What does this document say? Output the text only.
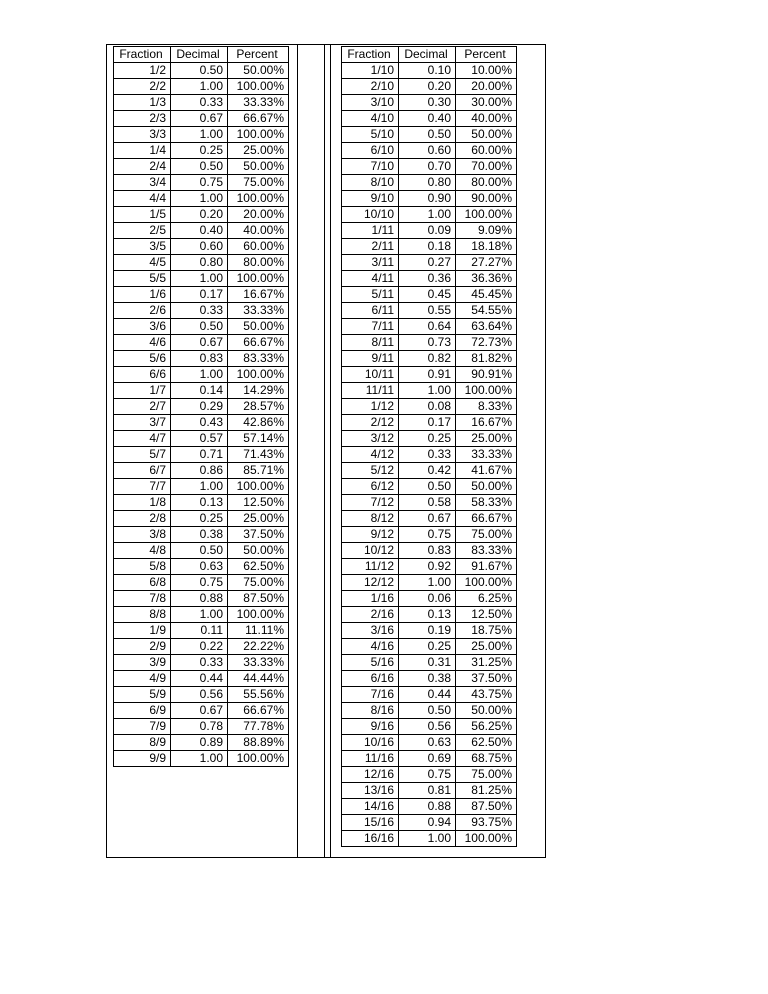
Fraction	Decimal	Percent
1/2	0.50	50.00%
2/2	1.00	100.00%
1/3	0.33	33.33%
2/3	0.67	66.67%
3/3	1.00	100.00%
1/4	0.25	25.00%
2/4	0.50	50.00%
3/4	0.75	75.00%
4/4	1.00	100.00%
1/5	0.20	20.00%
2/5	0.40	40.00%
3/5	0.60	60.00%
4/5	0.80	80.00%
5/5	1.00	100.00%
1/6	0.17	16.67%
2/6	0.33	33.33%
3/6	0.50	50.00%
4/6	0.67	66.67%
5/6	0.83	83.33%
6/6	1.00	100.00%
1/7	0.14	14.29%
2/7	0.29	28.57%
3/7	0.43	42.86%
4/7	0.57	57.14%
5/7	0.71	71.43%
6/7	0.86	85.71%
7/7	1.00	100.00%
1/8	0.13	12.50%
2/8	0.25	25.00%
3/8	0.38	37.50%
4/8	0.50	50.00%
5/8	0.63	62.50%
6/8	0.75	75.00%
7/8	0.88	87.50%
8/8	1.00	100.00%
1/9	0.11	11.11%
2/9	0.22	22.22%
3/9	0.33	33.33%
4/9	0.44	44.44%
5/9	0.56	55.56%
6/9	0.67	66.67%
7/9	0.78	77.78%
8/9	0.89	88.89%
9/9	1.00	100.00%
Fraction	Decimal	Percent
1/10	0.10	10.00%
2/10	0.20	20.00%
3/10	0.30	30.00%
4/10	0.40	40.00%
5/10	0.50	50.00%
6/10	0.60	60.00%
7/10	0.70	70.00%
8/10	0.80	80.00%
9/10	0.90	90.00%
10/10	1.00	100.00%
1/11	0.09	9.09%
2/11	0.18	18.18%
3/11	0.27	27.27%
4/11	0.36	36.36%
5/11	0.45	45.45%
6/11	0.55	54.55%
7/11	0.64	63.64%
8/11	0.73	72.73%
9/11	0.82	81.82%
10/11	0.91	90.91%
11/11	1.00	100.00%
1/12	0.08	8.33%
2/12	0.17	16.67%
3/12	0.25	25.00%
4/12	0.33	33.33%
5/12	0.42	41.67%
6/12	0.50	50.00%
7/12	0.58	58.33%
8/12	0.67	66.67%
9/12	0.75	75.00%
10/12	0.83	83.33%
11/12	0.92	91.67%
12/12	1.00	100.00%
1/16	0.06	6.25%
2/16	0.13	12.50%
3/16	0.19	18.75%
4/16	0.25	25.00%
5/16	0.31	31.25%
6/16	0.38	37.50%
7/16	0.44	43.75%
8/16	0.50	50.00%
9/16	0.56	56.25%
10/16	0.63	62.50%
11/16	0.69	68.75%
12/16	0.75	75.00%
13/16	0.81	81.25%
14/16	0.88	87.50%
15/16	0.94	93.75%
16/16	1.00	100.00%
